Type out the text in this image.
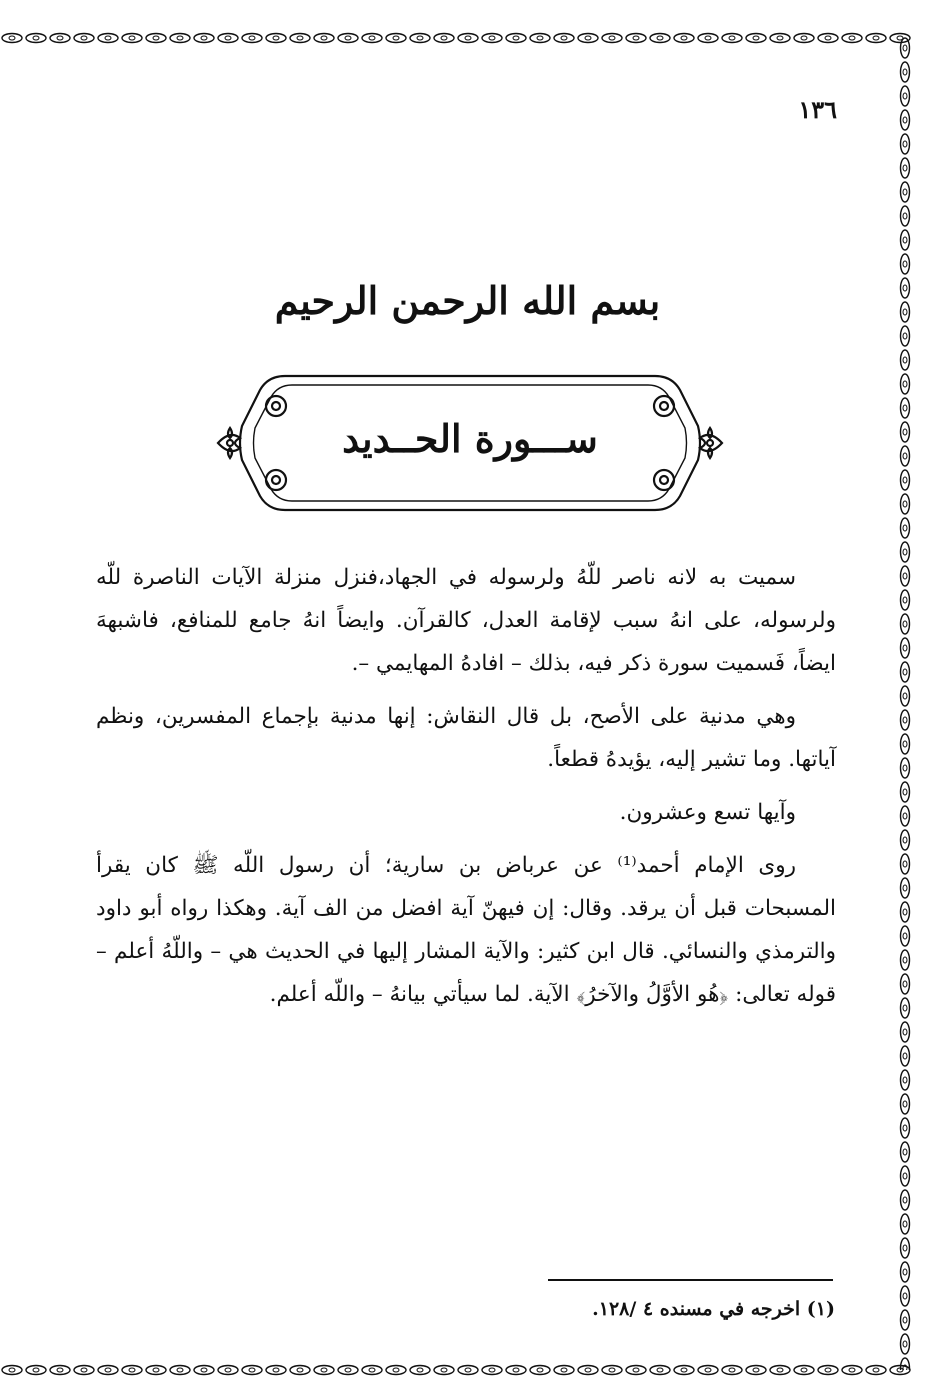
١٣٦
بسم الله الرحمن الرحيم
ســـورة الحــديد

سميت به لانه ناصر للّهُ ولرسوله في الجهاد،فنزل منزلة الآيات الناصرة للّه ولرسوله، على انهُ سبب لإقامة العدل، كالقرآن. وايضاً انهُ جامع للمنافع، فاشبههَ ايضاً، فَسميت سورة ذكر فيه، بذلك – افادهُ المهايمي –.

وهي مدنية على الأصح، بل قال النقاش: إنها مدنية بإجماع المفسرين، ونظم آياتها. وما تشير إليه، يؤيدهُ قطعاً.

وآيها تسع وعشرون.

روى الإمام أحمد⁽¹⁾ عن عرباض بن سارية؛ أن رسول اللّه ﷺ كان يقرأ المسبحات قبل أن يرقد. وقال: إن فيهنّ آية افضل من الف آية. وهكذا رواه أبو داود والترمذي والنسائي. قال ابن كثير: والآية المشار إليها في الحديث هي – واللّهُ أعلم – قوله تعالى: ﴿هُو الأوَّلُ والآخرُ﴾ الآية. لما سيأتي بيانهُ – واللّه أعلم.

(١) اخرجه في مسنده ٤ /١٢٨.
